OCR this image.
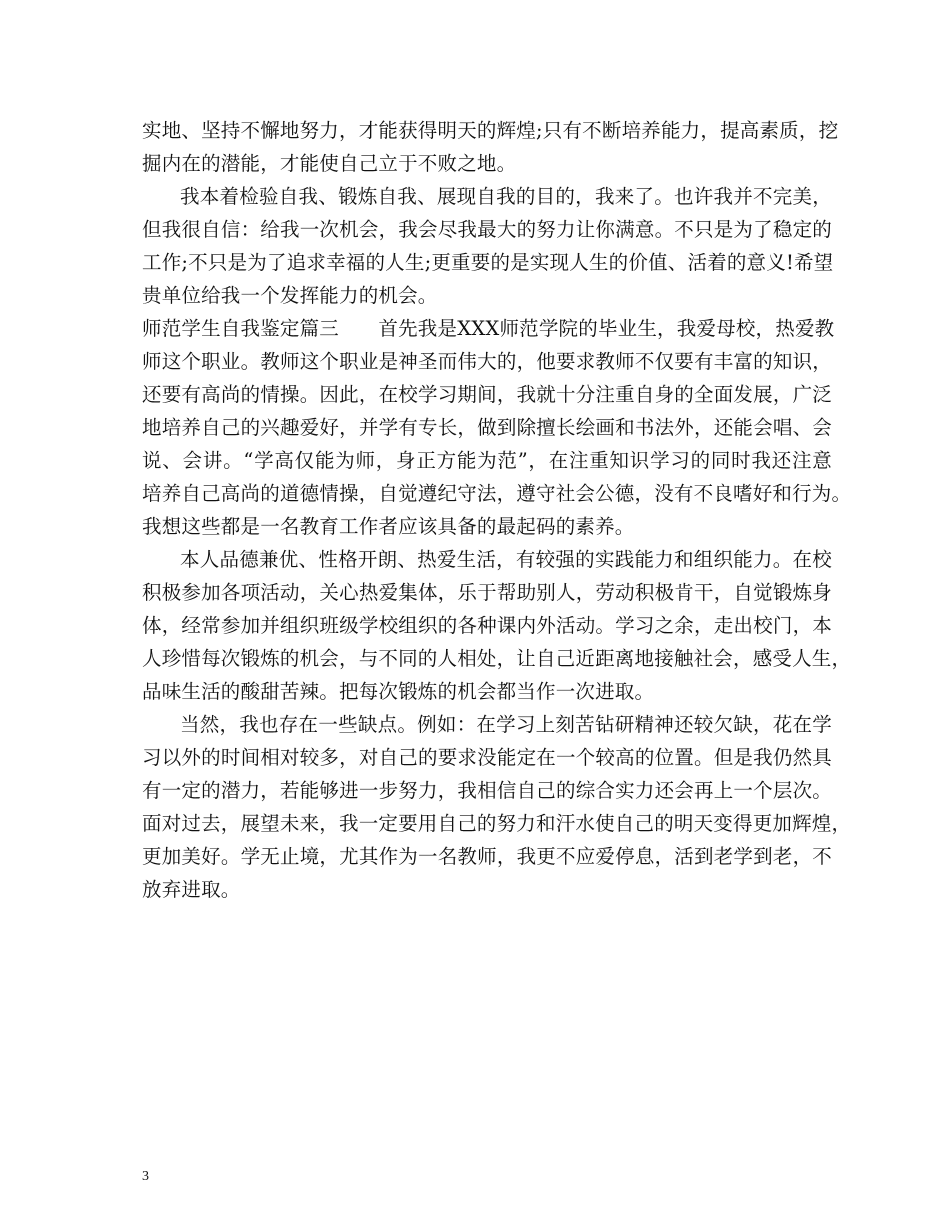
实地、坚持不懈地努力，才能获得明天的辉煌;只有不断培养能力，提高素质，挖
掘内在的潜能，才能使自己立于不败之地。
我本着检验自我、锻炼自我、展现自我的目的，我来了。也许我并不完美，
但我很自信：给我一次机会，我会尽我最大的努力让你满意。不只是为了稳定的
工作;不只是为了追求幸福的人生;更重要的是实现人生的价值、活着的意义!希望
贵单位给我一个发挥能力的机会。
师范学生自我鉴定篇三　　首先我是XXX师范学院的毕业生，我爱母校，热爱教
师这个职业。教师这个职业是神圣而伟大的，他要求教师不仅要有丰富的知识，
还要有高尚的情操。因此，在校学习期间，我就十分注重自身的全面发展，广泛
地培养自己的兴趣爱好，并学有专长，做到除擅长绘画和书法外，还能会唱、会
说、会讲。“学高仅能为师，身正方能为范”，在注重知识学习的同时我还注意
培养自己高尚的道德情操，自觉遵纪守法，遵守社会公德，没有不良嗜好和行为。
我想这些都是一名教育工作者应该具备的最起码的素养。
本人品德兼优、性格开朗、热爱生活，有较强的实践能力和组织能力。在校
积极参加各项活动，关心热爱集体，乐于帮助别人，劳动积极肯干，自觉锻炼身
体，经常参加并组织班级学校组织的各种课内外活动。学习之余，走出校门，本
人珍惜每次锻炼的机会，与不同的人相处，让自己近距离地接触社会，感受人生，
品味生活的酸甜苦辣。把每次锻炼的机会都当作一次进取。
当然，我也存在一些缺点。例如：在学习上刻苦钻研精神还较欠缺，花在学
习以外的时间相对较多，对自己的要求没能定在一个较高的位置。但是我仍然具
有一定的潜力，若能够进一步努力，我相信自己的综合实力还会再上一个层次。
面对过去，展望未来，我一定要用自己的努力和汗水使自己的明天变得更加辉煌，
更加美好。学无止境，尤其作为一名教师，我更不应爱停息，活到老学到老，不
放弃进取。
3
